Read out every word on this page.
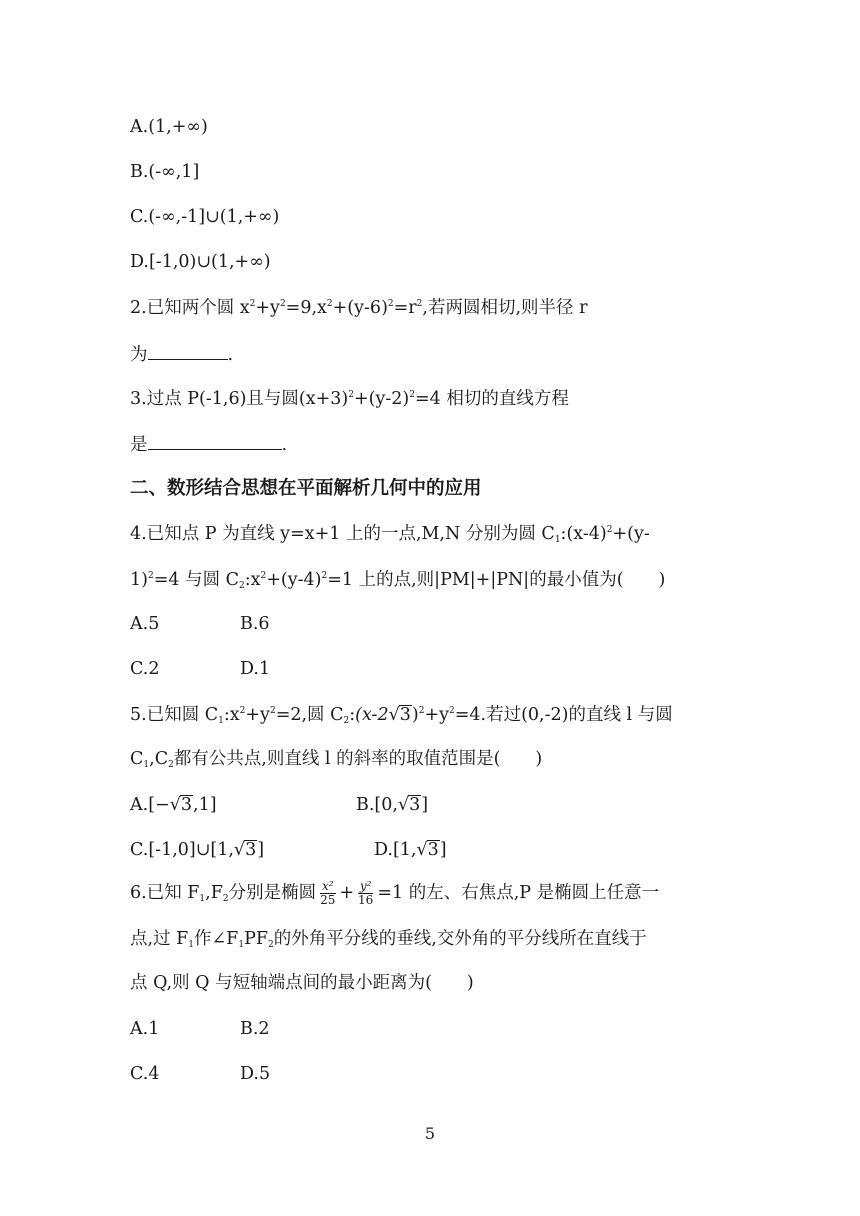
A.(1,+∞)
B.(-∞,1]
C.(-∞,-1]∪(1,+∞)
D.[-1,0)∪(1,+∞)
2.已知两个圆 $x^2+y^2=9,x^2+(y-6)^2=r^2$,若两圆相切,则半径 r
为	.
3.过点 P(-1,6)且与圆$(x+3)^2+(y-2)^2=4$ 相切的直线方程
是	.
二、数形结合思想在平面解析几何中的应用
4.已知点 P 为直线 y=x+1 上的一点,M,N 分别为圆 $C_1:(x-4)^2+(y-$
1)$^2$=4 与圆 $C_2:x^2+(y-4)^2=1$ 上的点,则|PM|+|PN|的最小值为(　　)
A.5	B.6
C.2	D.1
5.已知圆 $C_1:x^2+y^2=2$,圆 $C_2:(x-2√3)^2+y^2=4$.若过(0,-2)的直线 l 与圆
$C_1,C_2$都有公共点,则直线 l 的斜率的取值范围是(　　)
A.[−√3,1]	B.[0,√3]
C.[-1,0]∪[1,√3]	D.[1,√3]
6.已知 $F_1,F_2$分别是椭圆 $\frac{\text{x²}}{25} + \frac{\text{y²}}{16} =1$ 的左、右焦点,P 是椭圆上任意一
点,过 $F_1$作$\angle F_1PF_2$的外角平分线的垂线,交外角的平分线所在直线于
点 Q,则 Q 与短轴端点间的最小距离为(　　)
A.1	B.2
C.4	D.5
5
